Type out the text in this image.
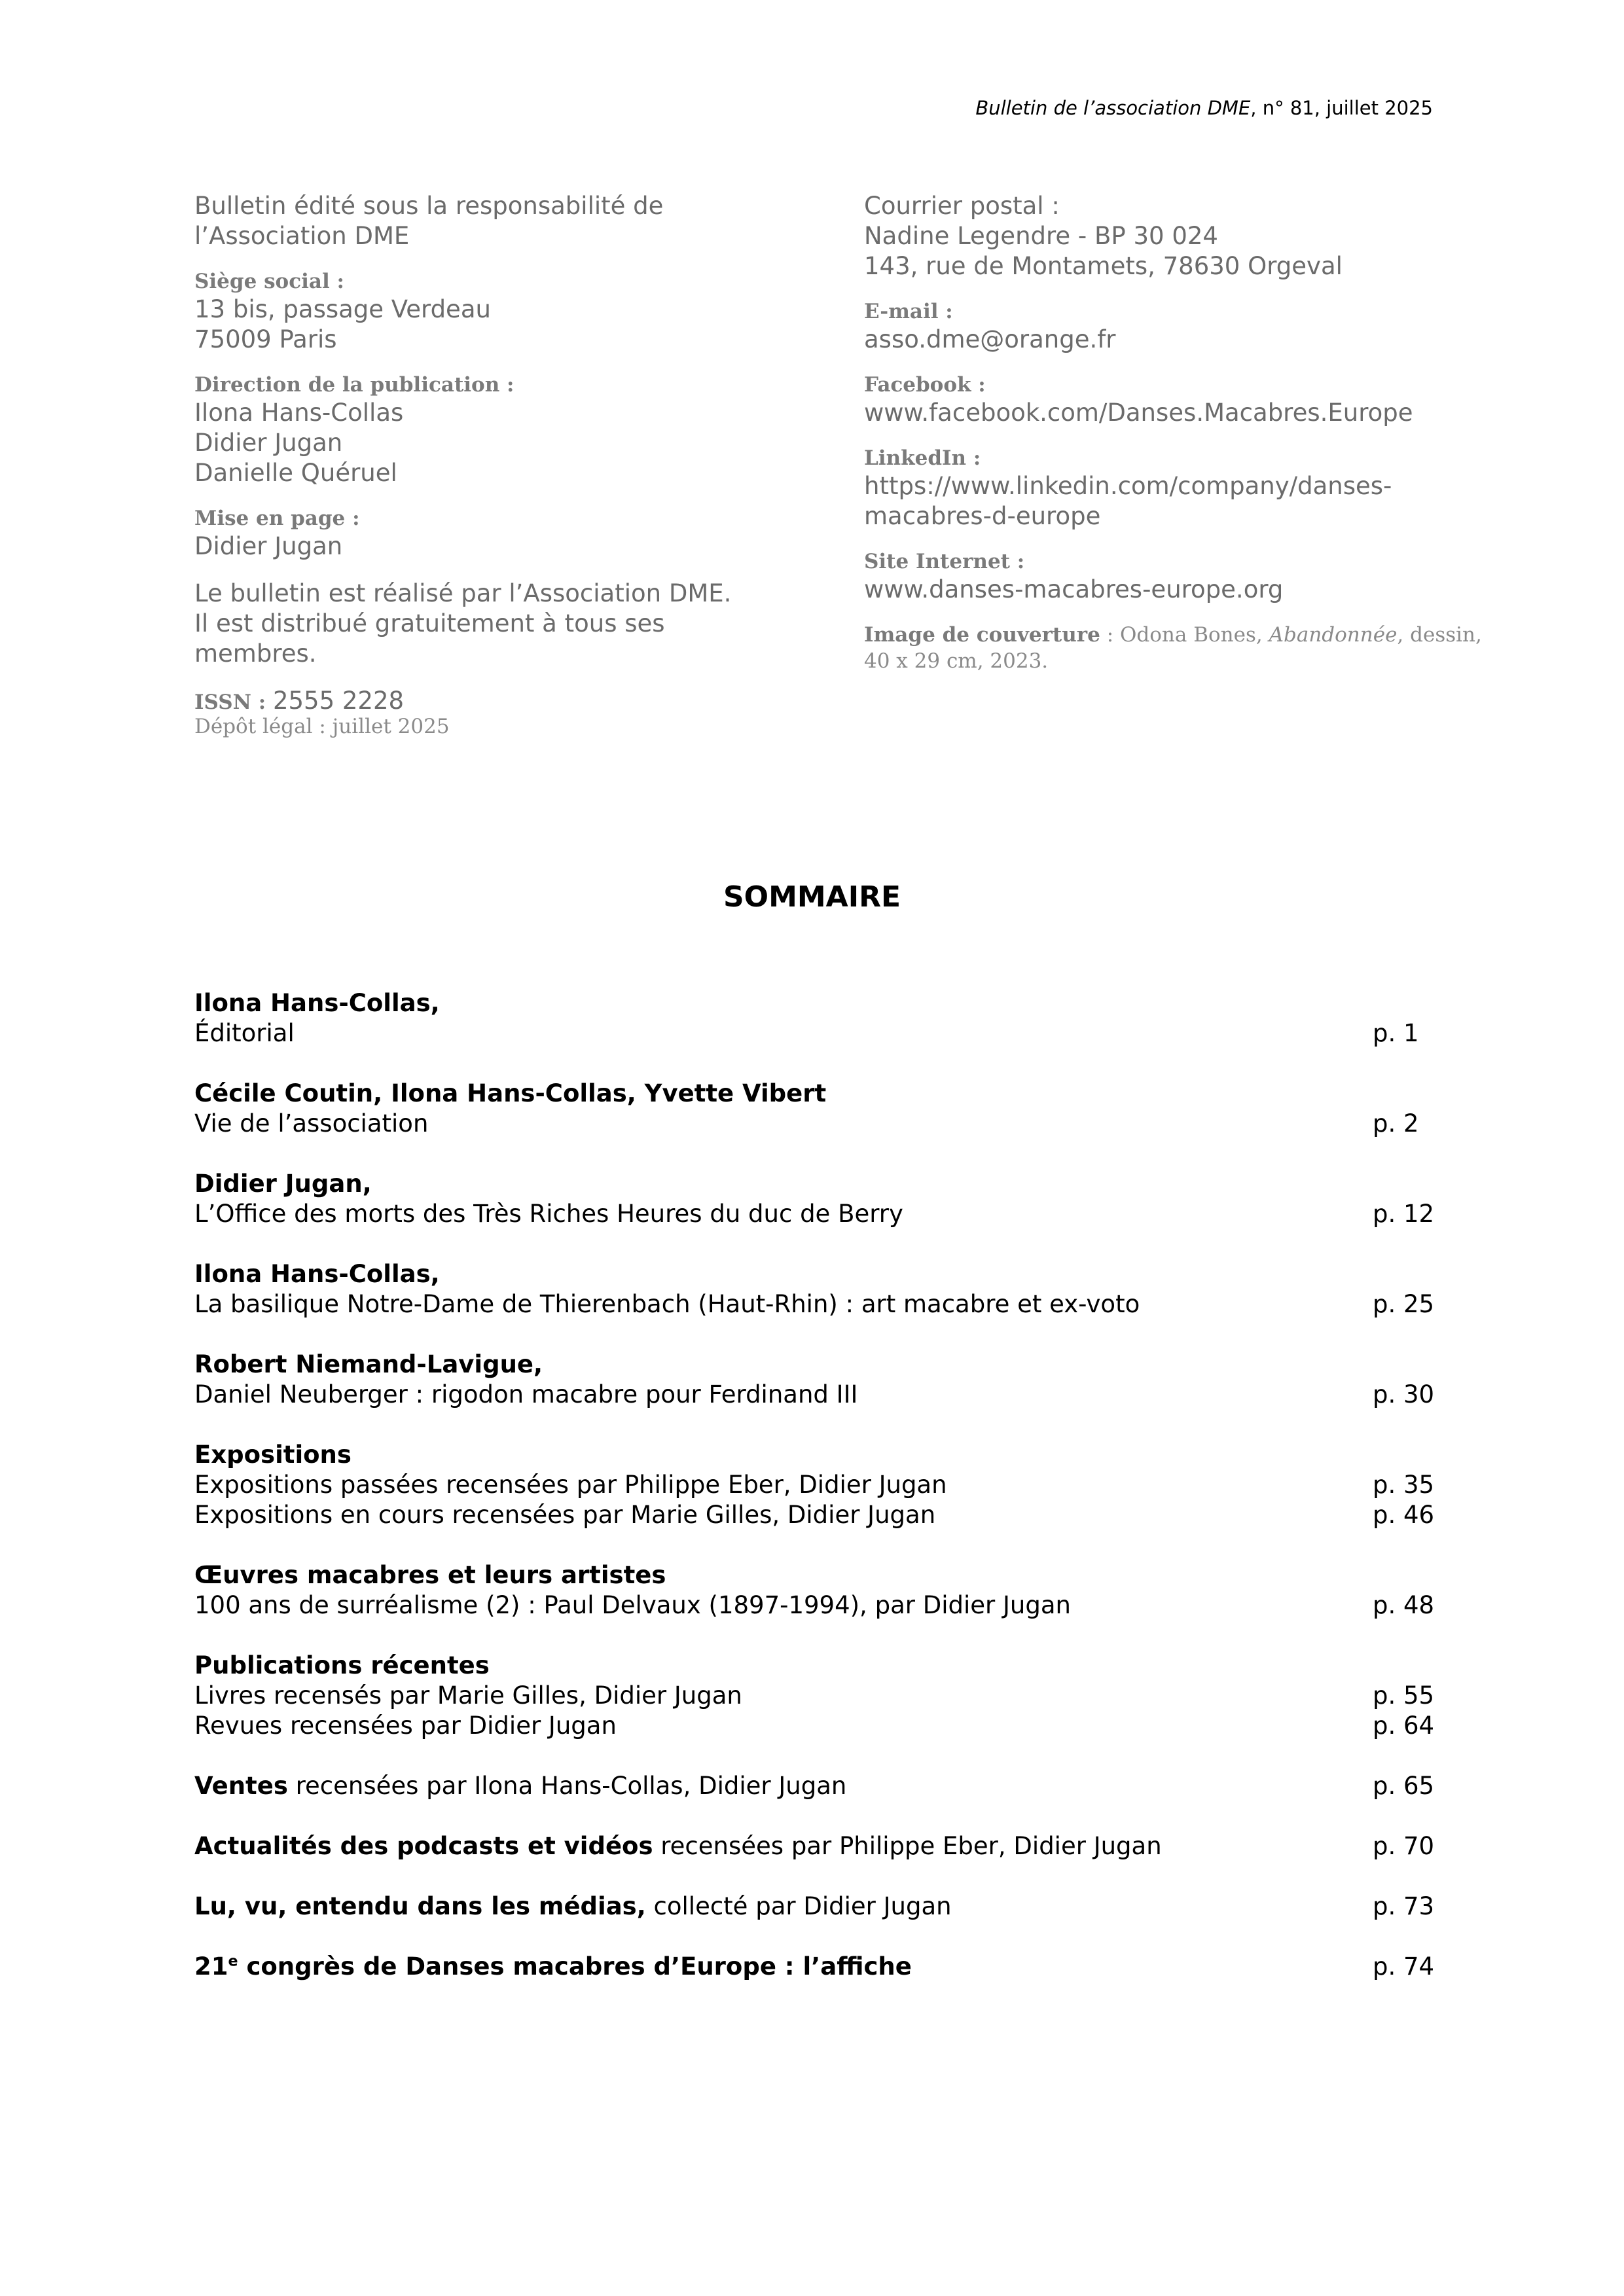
Bulletin de l’association DME, n° 81, juillet 2025
Bulletin édité sous la responsabilité de
l’Association DME
Siège social :
13 bis, passage Verdeau
75009 Paris
Direction de la publication :
Ilona Hans-Collas
Didier Jugan
Danielle Quéruel
Mise en page :
Didier Jugan
Le bulletin est réalisé par l’Association DME.
Il est distribué gratuitement à tous ses
membres.
ISSN : 2555 2228
Dépôt légal : juillet 2025
Courrier postal :
Nadine Legendre - BP 30 024
143, rue de Montamets, 78630 Orgeval
E-mail :
asso.dme@orange.fr
Facebook :
www.facebook.com/Danses.Macabres.Europe
LinkedIn :
https://www.linkedin.com/company/danses-
macabres-d-europe
Site Internet :
www.danses-macabres-europe.org
Image de couverture : Odona Bones, Abandonnée, dessin,
40 x 29 cm, 2023.
SOMMAIRE
Ilona Hans-Collas,
Éditorial	p. 1
Cécile Coutin, Ilona Hans-Collas, Yvette Vibert
Vie de l’association	p. 2
Didier Jugan,
L’Office des morts des Très Riches Heures du duc de Berry	p. 12
Ilona Hans-Collas,
La basilique Notre-Dame de Thierenbach (Haut-Rhin) : art macabre et ex-voto	p. 25
Robert Niemand-Lavigue,
Daniel Neuberger : rigodon macabre pour Ferdinand III	p. 30
Expositions
Expositions passées recensées par Philippe Eber, Didier Jugan	p. 35
Expositions en cours recensées par Marie Gilles, Didier Jugan	p. 46
Œuvres macabres et leurs artistes
100 ans de surréalisme (2) : Paul Delvaux (1897-1994), par Didier Jugan	p. 48
Publications récentes
Livres recensés par Marie Gilles, Didier Jugan	p. 55
Revues recensées par Didier Jugan	p. 64
Ventes recensées par Ilona Hans-Collas, Didier Jugan	p. 65
Actualités des podcasts et vidéos recensées par Philippe Eber, Didier Jugan	p. 70
Lu, vu, entendu dans les médias, collecté par Didier Jugan	p. 73
21e congrès de Danses macabres d’Europe : l’affiche	p. 74
